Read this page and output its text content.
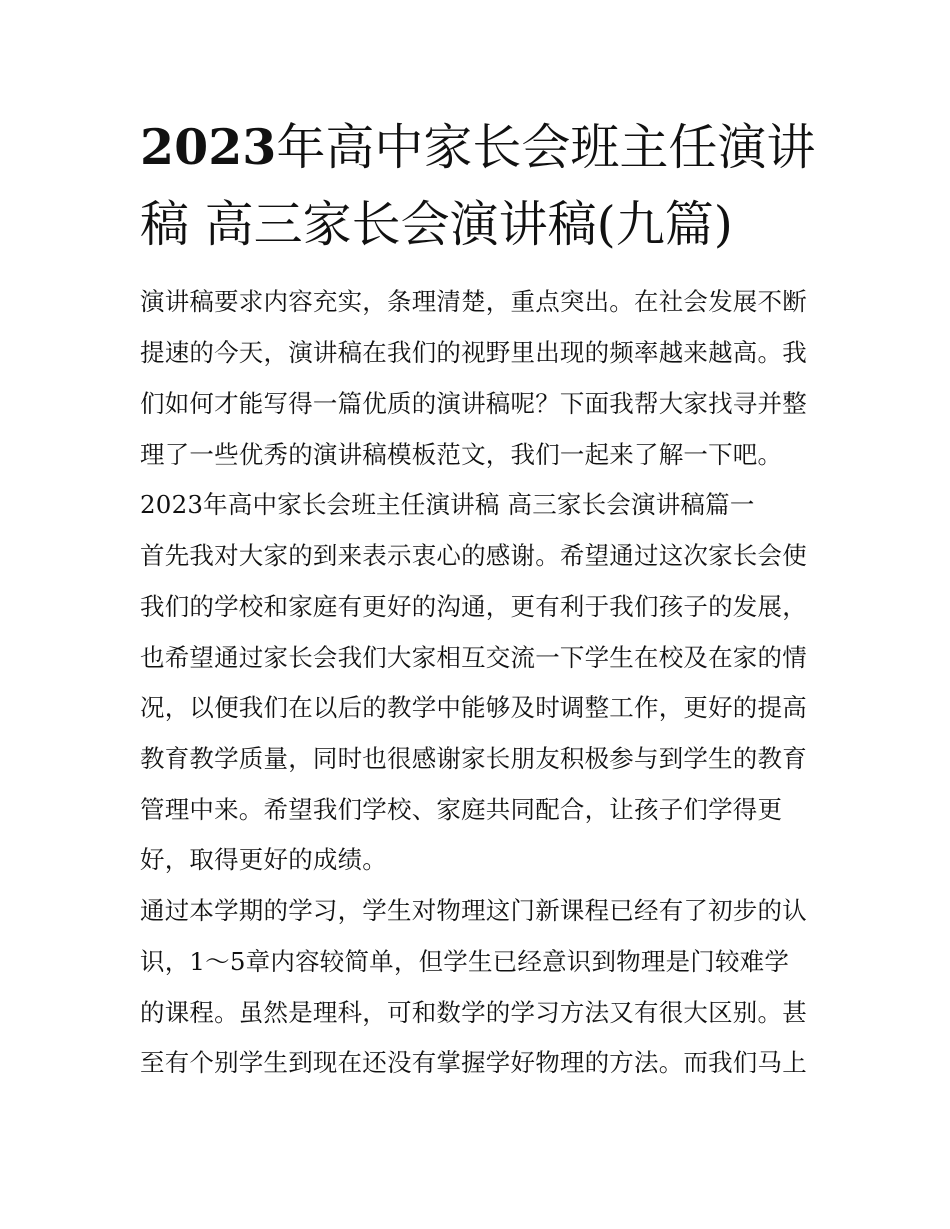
2023年高中家长会班主任演讲
稿 高三家长会演讲稿(九篇)

演讲稿要求内容充实，条理清楚，重点突出。在社会发展不断

提速的今天，演讲稿在我们的视野里出现的频率越来越高。我

们如何才能写得一篇优质的演讲稿呢？下面我帮大家找寻并整

理了一些优秀的演讲稿模板范文，我们一起来了解一下吧。

2023年高中家长会班主任演讲稿 高三家长会演讲稿篇一

首先我对大家的到来表示衷心的感谢。希望通过这次家长会使

我们的学校和家庭有更好的沟通，更有利于我们孩子的发展，

也希望通过家长会我们大家相互交流一下学生在校及在家的情

况，以便我们在以后的教学中能够及时调整工作，更好的提高

教育教学质量，同时也很感谢家长朋友积极参与到学生的教育

管理中来。希望我们学校、家庭共同配合，让孩子们学得更

好，取得更好的成绩。

通过本学期的学习，学生对物理这门新课程已经有了初步的认

识，1～5章内容较简单，但学生已经意识到物理是门较难学

的课程。虽然是理科，可和数学的学习方法又有很大区别。甚

至有个别学生到现在还没有掌握学好物理的方法。而我们马上
